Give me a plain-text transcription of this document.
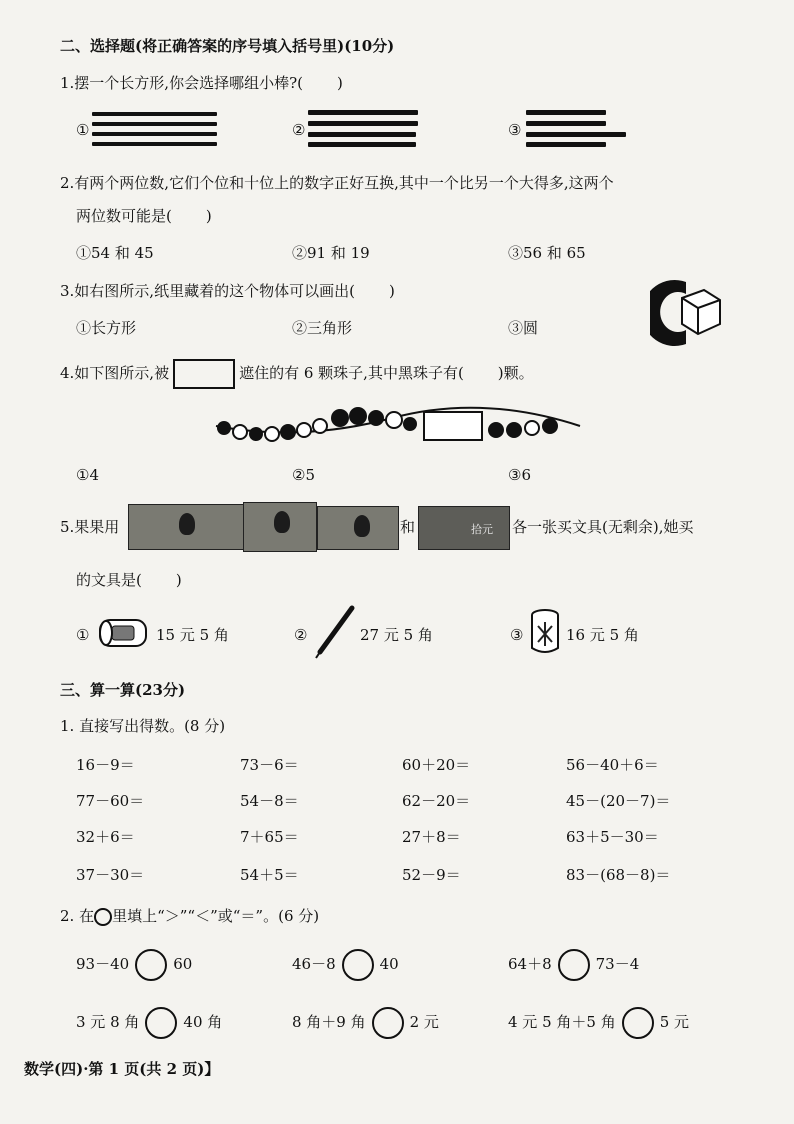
二、选择题(将正确答案的序号填入括号里)(10分)
1.摆一个长方形,你会选择哪组小棒?( )
①	②	③
2.有两个两位数,它们个位和十位上的数字正好互换,其中一个比另一个大得多,这两个
两位数可能是( )
①54 和 45	②91 和 19	③56 和 65
3.如右图所示,纸里藏着的这个物体可以画出( )
①长方形	②三角形	③圆
4.如下图所示,被	遮住的有 6 颗珠子,其中黑珠子有( )颗。
①4	②5	③6
5.果果用	和	拾元 各一张买文具(无剩余),她买
的文具是( )
①	15 元 5 角	②	27 元 5 角	③	16 元 5 角
三、算一算(23分)
1. 直接写出得数。(8 分)
16－9＝	73－6＝	60＋20＝	56－40＋6＝
77－60＝	54－8＝	62－20＝	45－(20－7)＝
32＋6＝	7＋65＝	27＋8＝	63＋5－30＝
37－30＝	54＋5＝	52－9＝	83－(68－8)＝
2. 在 里填上“＞”“＜”或“＝”。(6 分)
93－40	60	46－8	40	64＋8	73－4
3 元 8 角	40 角	8 角＋9 角	2 元	4 元 5 角＋5 角	5 元
数学(四)·第 1 页(共 2 页)】
